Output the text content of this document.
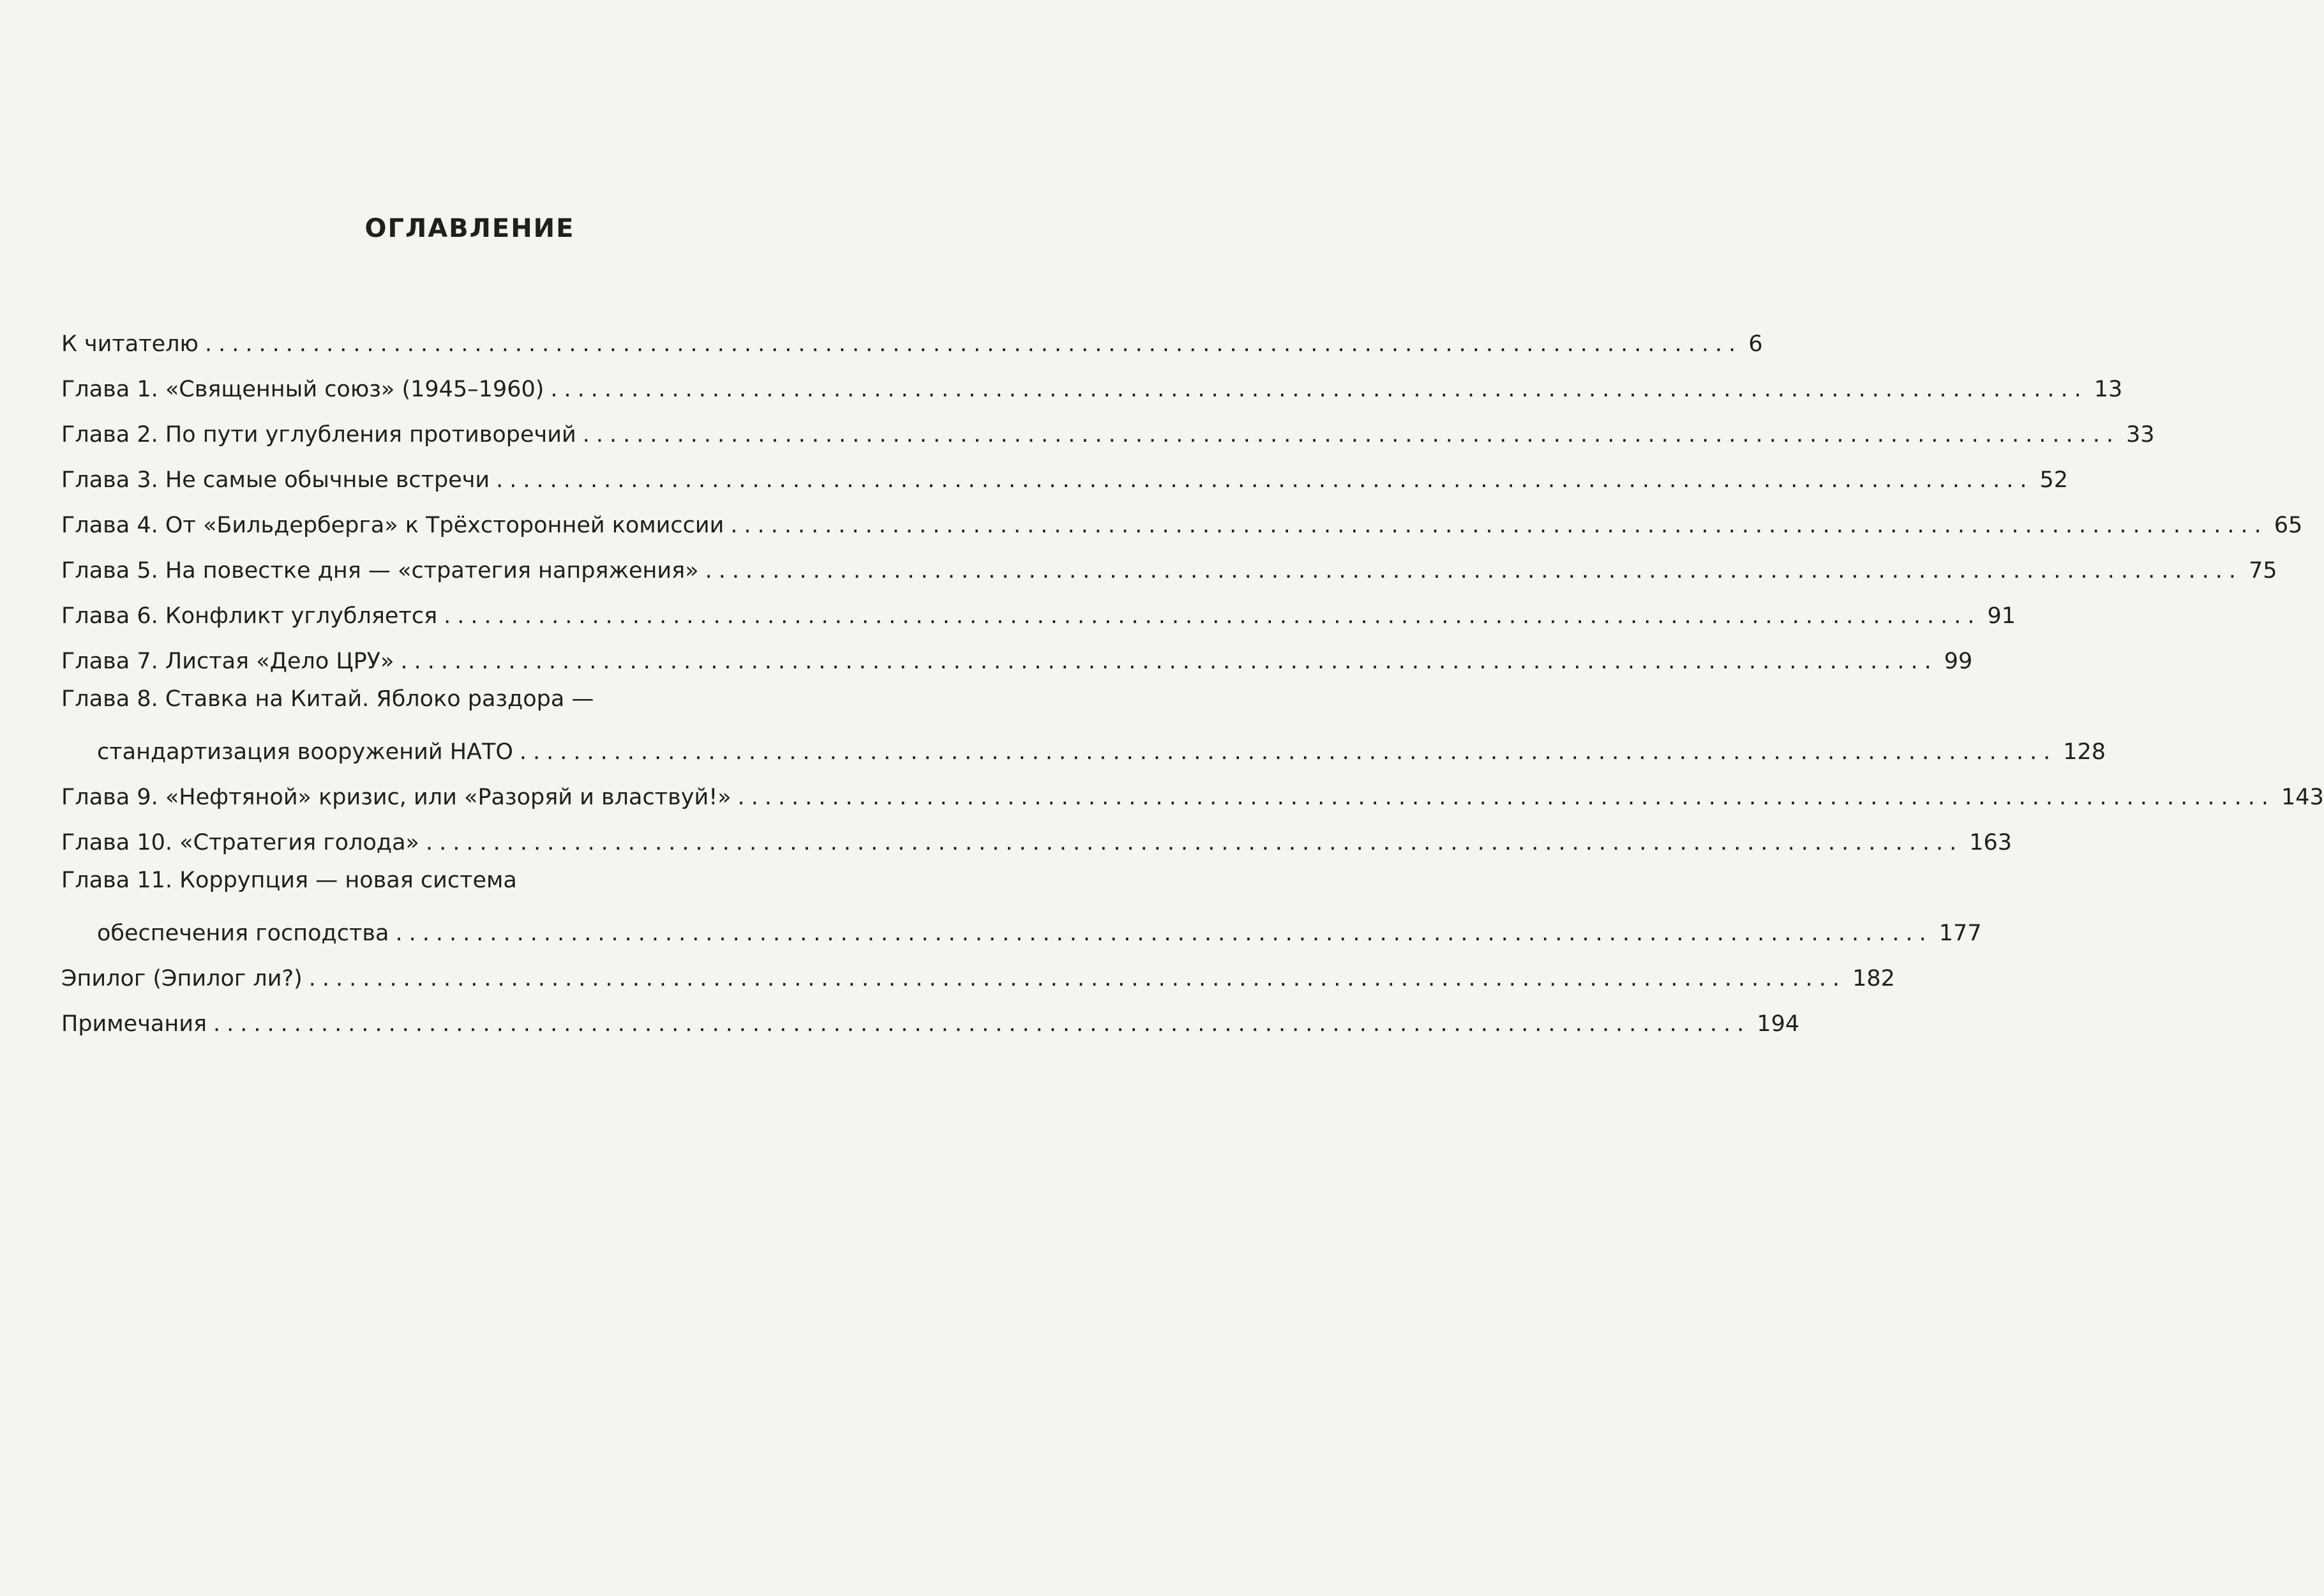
ОГЛАВЛЕНИЕ
К читателю .................................................................................................................. 6
Глава 1. «Священный союз» (1945–1960) .................................................................................................................. 13
Глава 2. По пути углубления противоречий .................................................................................................................. 33
Глава 3. Не самые обычные встречи .................................................................................................................. 52
Глава 4. От «Бильдерберга» к Трёхсторонней комиссии .................................................................................................................. 65
Глава 5. На повестке дня — «стратегия напряжения» .................................................................................................................. 75
Глава 6. Конфликт углубляется .................................................................................................................. 91
Глава 7. Листая «Дело ЦРУ» .................................................................................................................. 99
Глава 8. Ставка на Китай. Яблоко раздора —
стандартизация вооружений НАТО .................................................................................................................. 128
Глава 9. «Нефтяной» кризис, или «Разоряй и властвуй!» .................................................................................................................. 143
Глава 10. «Стратегия голода» .................................................................................................................. 163
Глава 11. Коррупция — новая система
обеспечения господства .................................................................................................................. 177
Эпилог (Эпилог ли?) .................................................................................................................. 182
Примечания .................................................................................................................. 194
